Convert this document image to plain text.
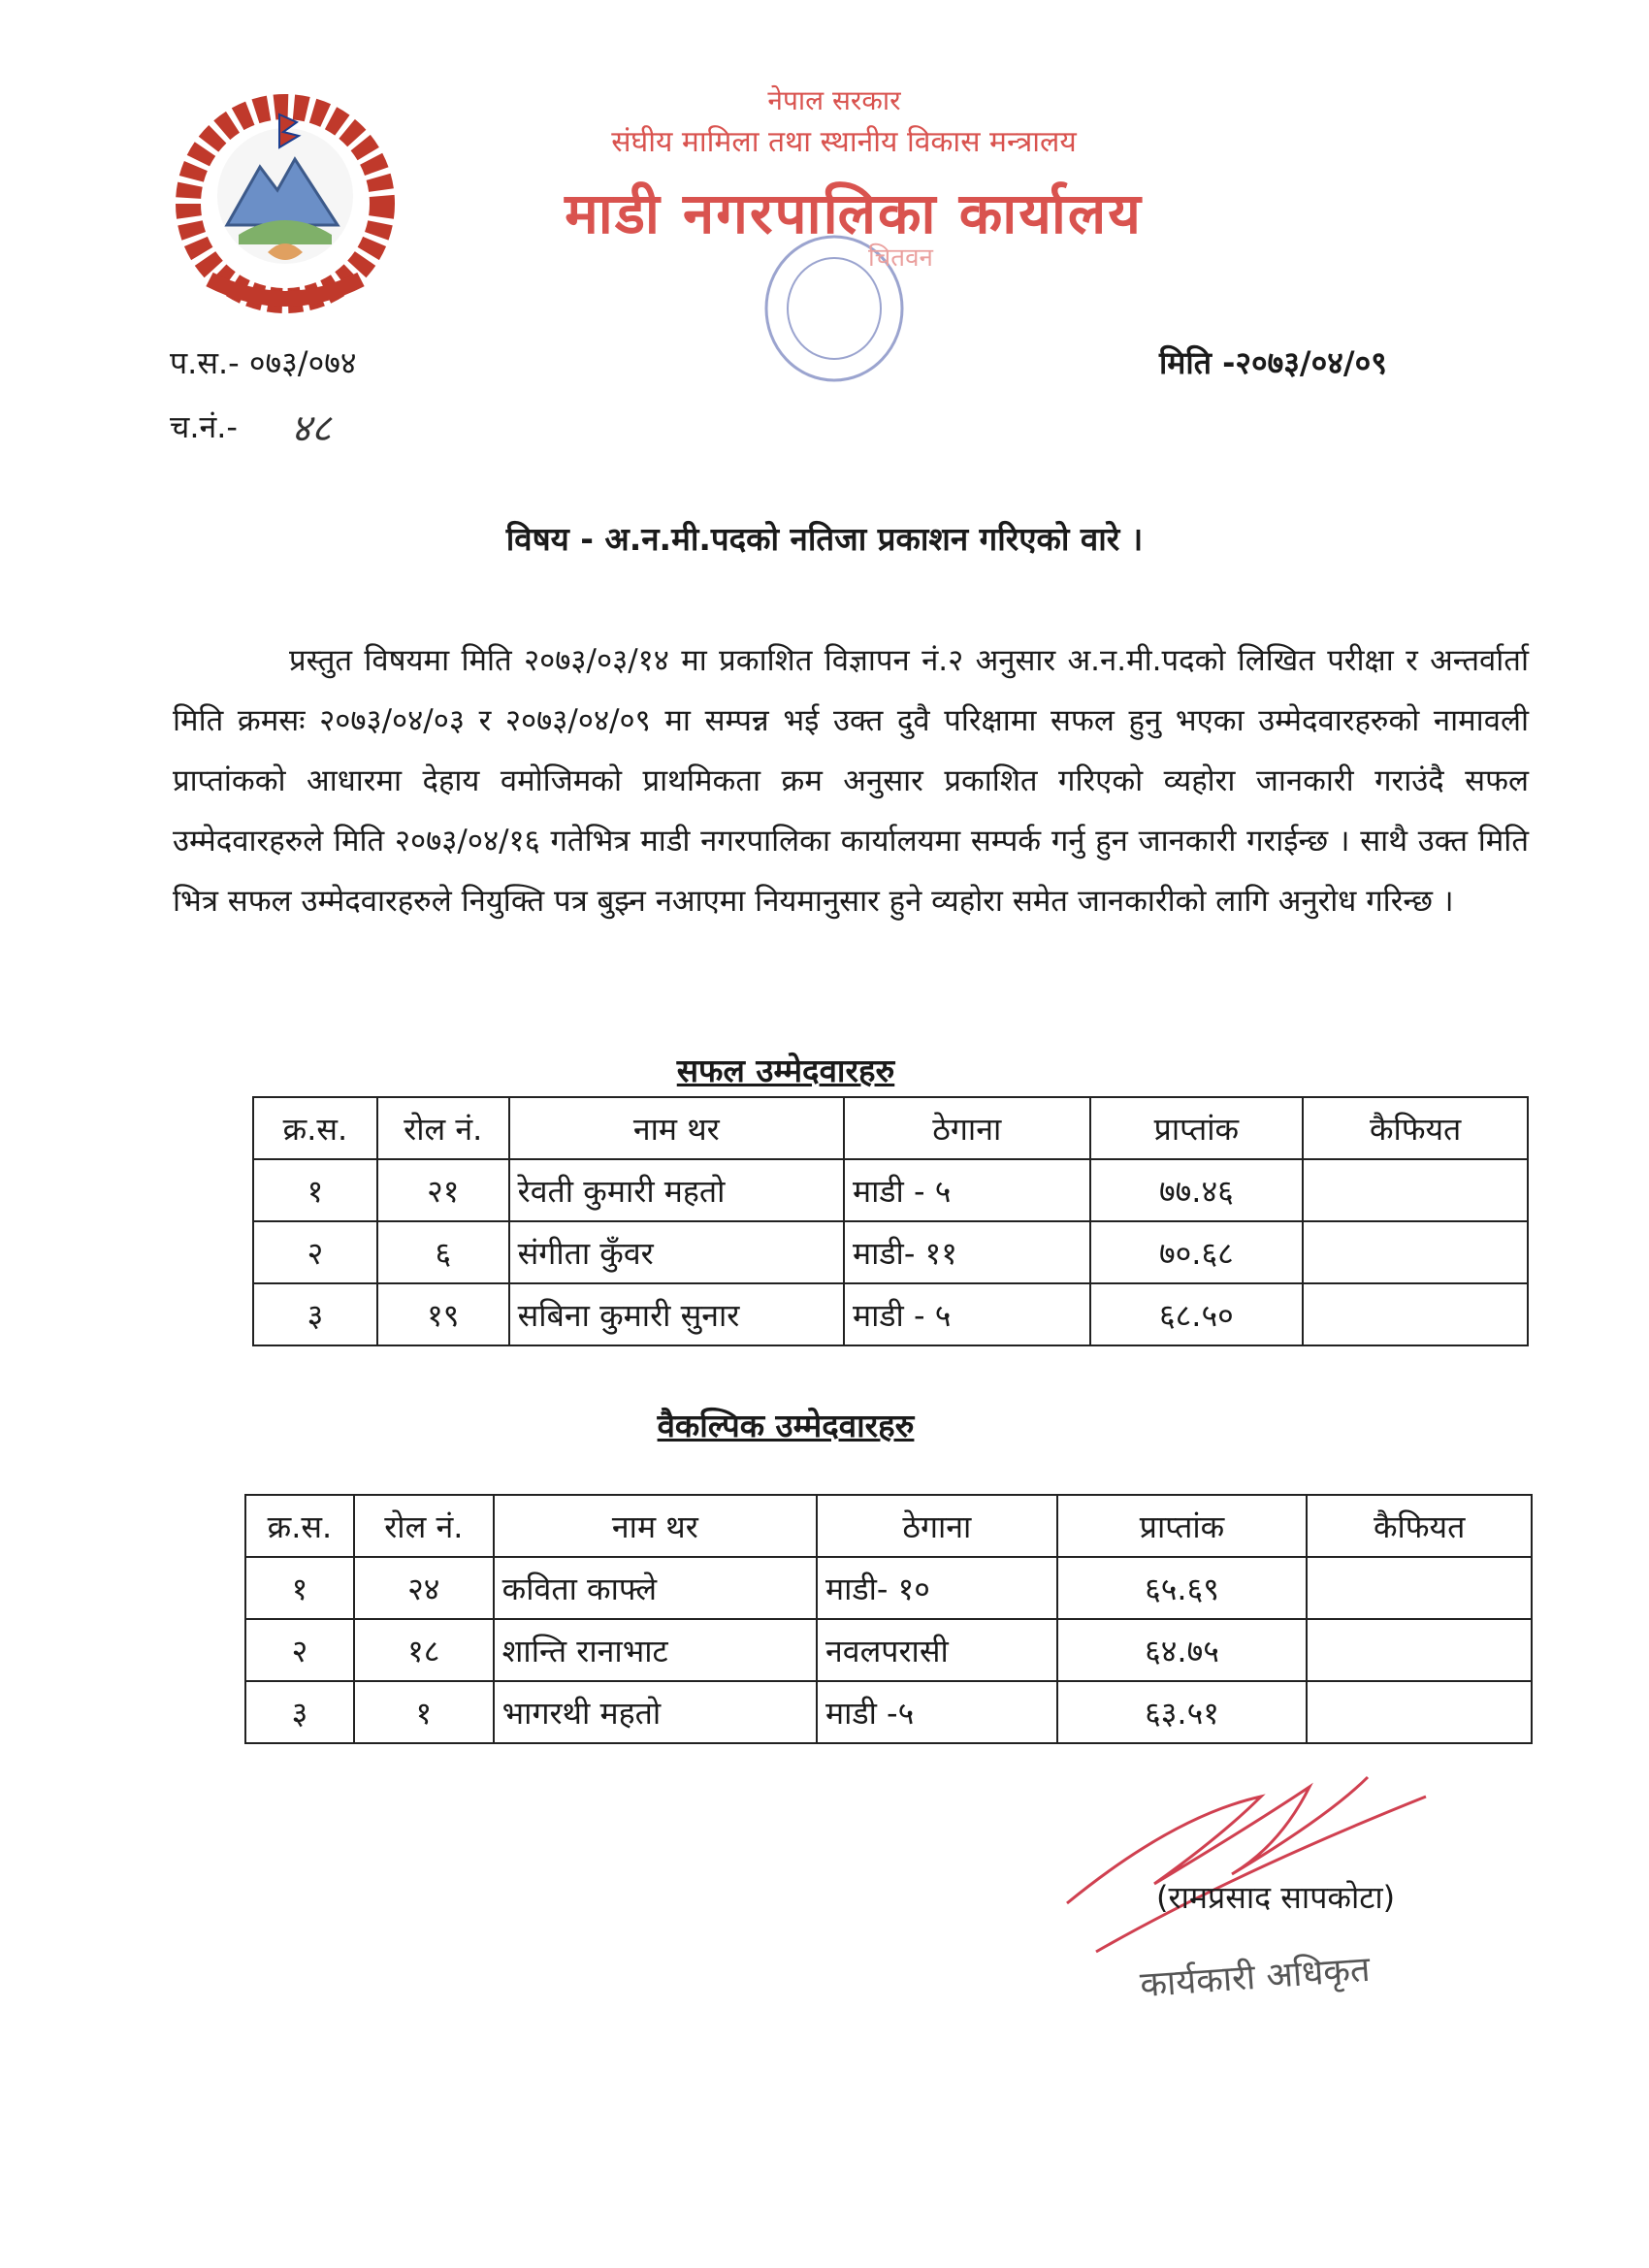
नेपाल सरकार
संघीय मामिला तथा स्थानीय विकास मन्त्रालय
माडी नगरपालिका कार्यालय
चितवन
प.स.- ०७३/०७४
च.नं.- ४८
मिति -२०७३/०४/०९
विषय - अ.न.मी.पदको नतिजा प्रकाशन गरिएको वारे ।
प्रस्तुत विषयमा मिति २०७३/०३/१४ मा प्रकाशित विज्ञापन नं.२ अनुसार अ.न.मी.पदको लिखित परीक्षा र अन्तर्वार्ता मिति क्रमसः २०७३/०४/०३ र २०७३/०४/०९ मा सम्पन्न भई उक्त दुवै परिक्षामा सफल हुनु भएका उम्मेदवारहरुको नामावली प्राप्तांकको आधारमा देहाय वमोजिमको प्राथमिकता क्रम अनुसार प्रकाशित गरिएको व्यहोरा जानकारी गराउंदै सफल उम्मेदवारहरुले मिति २०७३/०४/१६ गतेभित्र माडी नगरपालिका कार्यालयमा सम्पर्क गर्नु हुन जानकारी गराईन्छ । साथै उक्त मिति भित्र सफल उम्मेदवारहरुले नियुक्ति पत्र बुझ्न नआएमा नियमानुसार हुने व्यहोरा समेत जानकारीको लागि अनुरोध गरिन्छ ।
सफल उम्मेदवारहरु
क्र.स.	रोल नं.	नाम थर	ठेगाना	प्राप्तांक	कैफियत
१	२१	रेवती कुमारी महतो	माडी - ५	७७.४६	
२	६	संगीता कुँवर	माडी- ११	७०.६८	
३	१९	सबिना कुमारी सुनार	माडी - ५	६८.५०	
वैकल्पिक उम्मेदवारहरु
क्र.स.	रोल नं.	नाम थर	ठेगाना	प्राप्तांक	कैफियत
१	२४	कविता काफ्ले	माडी- १०	६५.६९	
२	१८	शान्ति रानाभाट	नवलपरासी	६४.७५	
३	१	भागरथी महतो	माडी -५	६३.५१	
(रामप्रसाद सापकोटा)
कार्यकारी अधिकृत
